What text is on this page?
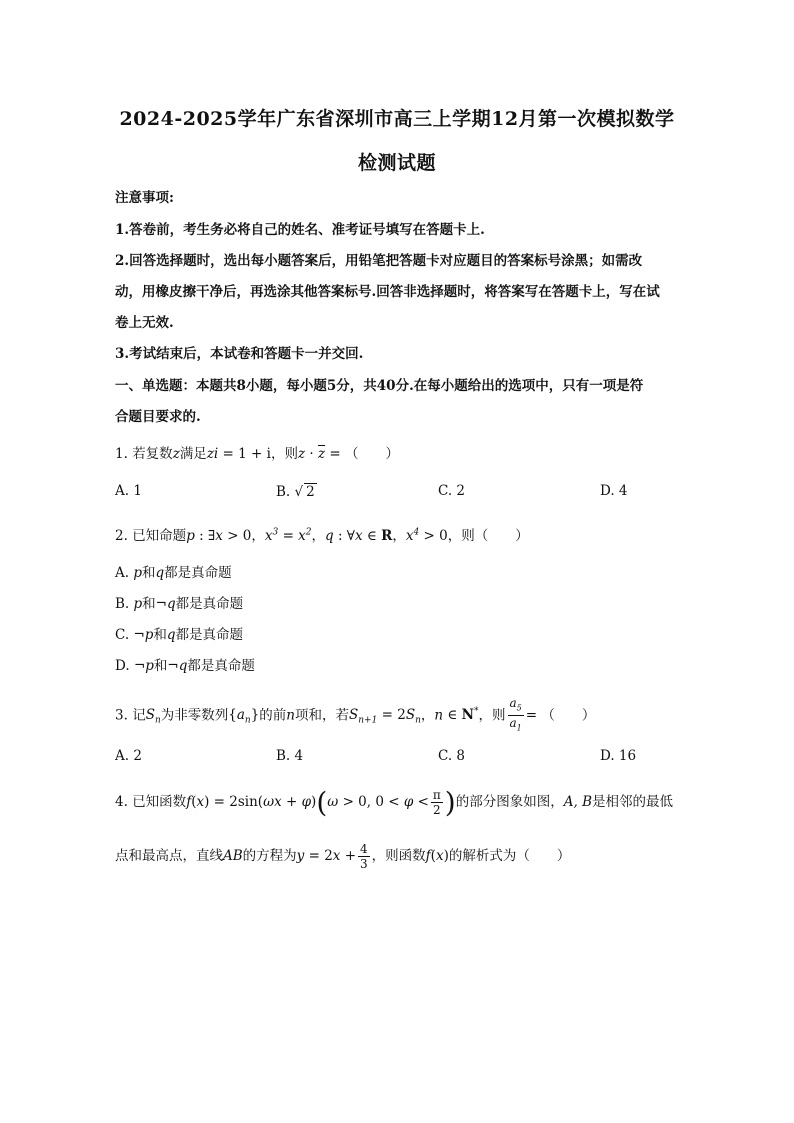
2024-2025学年广东省深圳市高三上学期12月第一次模拟数学
检测试题
注意事项:
1.答卷前，考生务必将自己的姓名、准考证号填写在答题卡上.
2.回答选择题时，选出每小题答案后，用铅笔把答题卡对应题目的答案标号涂黑；如需改
动，用橡皮擦干净后，再选涂其他答案标号.回答非选择题时，将答案写在答题卡上，写在试
卷上无效.
3.考试结束后，本试卷和答题卡一并交回.
一、单选题：本题共8小题，每小题5分，共40分.在每小题给出的选项中，只有一项是符
合题目要求的.
1. 若复数z满足zi = 1 + i，则$z \cdot \overline{z}$ = （　　）
A. 1	B. √ 2	C. 2	D. 4
2. 已知命题p : ∃x > 0，$x^3 = x^2$，q : ∀x ∈ R，$x^4 > 0$，则（　　）
A. p和q都是真命题
B. p和¬q都是真命题
C. ¬p和q都是真命题
D. ¬p和¬q都是真命题
3. 记$S_n$为非零数列$\{a_n\}$的前n项和，若$S_{n+1} = 2S_n$，n ∈ N*，则 $\frac{a_5}{a_1}$ = （　　）
A. 2	B. 4	C. 8	D. 16
4. 已知函数f(x) = 2sin(ωx + φ)(ω > 0, $0 < \varphi < \frac{\pi}{2}$ )的部分图象如图，A, B是相邻的最低
点和最高点，直线AB的方程为$y = 2x + \frac{4}{3}$ ，则函数f(x)的解析式为（　　）
